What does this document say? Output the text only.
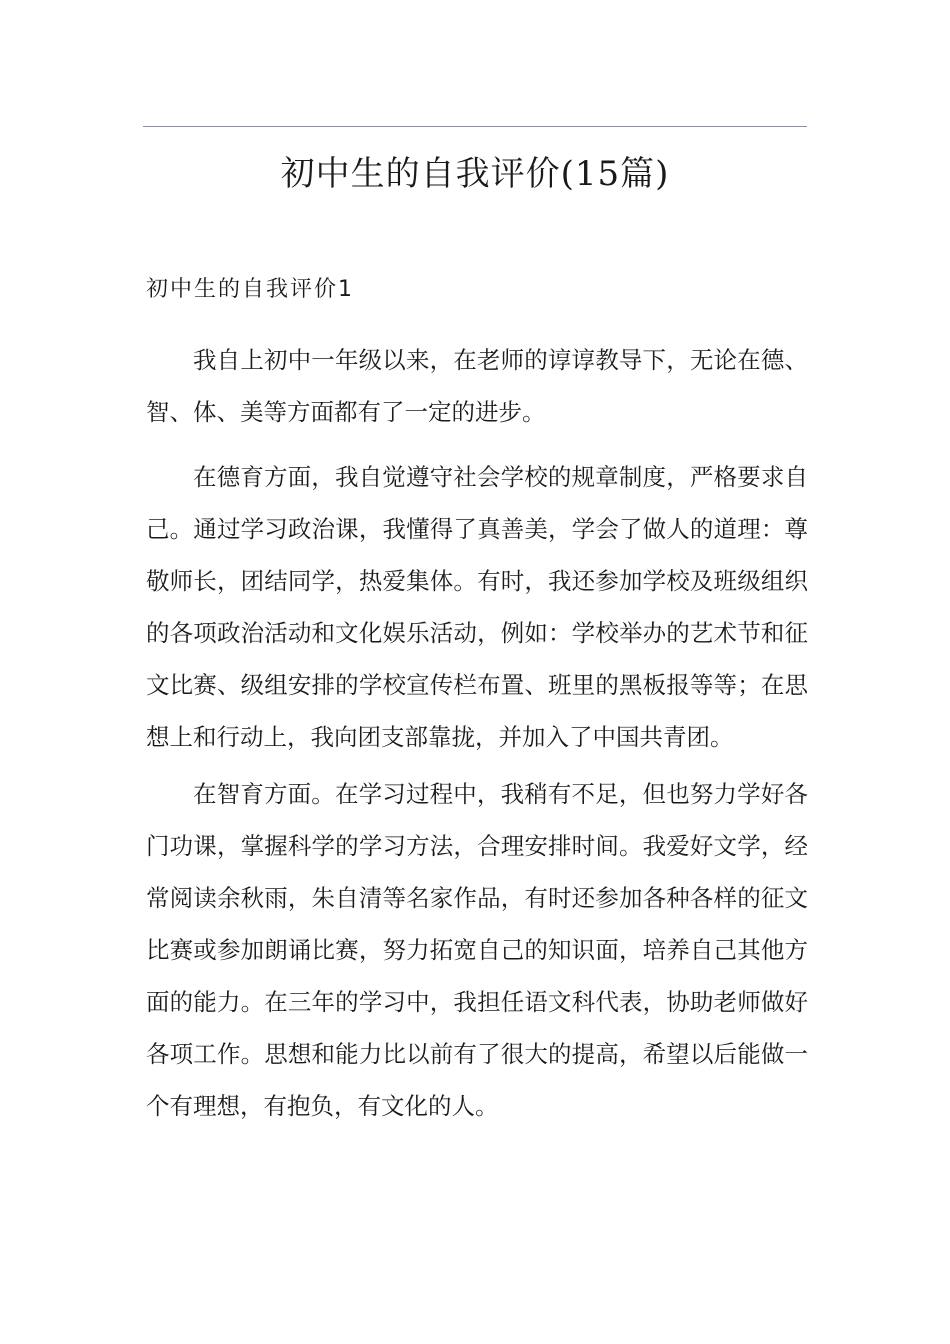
初中生的自我评价(15篇)
初中生的自我评价1

我自上初中一年级以来，在老师的谆谆教导下，无论在德、智、体、美等方面都有了一定的进步。

在德育方面，我自觉遵守社会学校的规章制度，严格要求自己。通过学习政治课，我懂得了真善美，学会了做人的道理：尊敬师长，团结同学，热爱集体。有时，我还参加学校及班级组织的各项政治活动和文化娱乐活动，例如：学校举办的艺术节和征文比赛、级组安排的学校宣传栏布置、班里的黑板报等等；在思想上和行动上，我向团支部靠拢，并加入了中国共青团。

在智育方面。在学习过程中，我稍有不足，但也努力学好各门功课，掌握科学的学习方法，合理安排时间。我爱好文学，经常阅读余秋雨，朱自清等名家作品，有时还参加各种各样的征文比赛或参加朗诵比赛，努力拓宽自己的知识面，培养自己其他方面的能力。在三年的学习中，我担任语文科代表，协助老师做好各项工作。思想和能力比以前有了很大的提高，希望以后能做一个有理想，有抱负，有文化的人。
